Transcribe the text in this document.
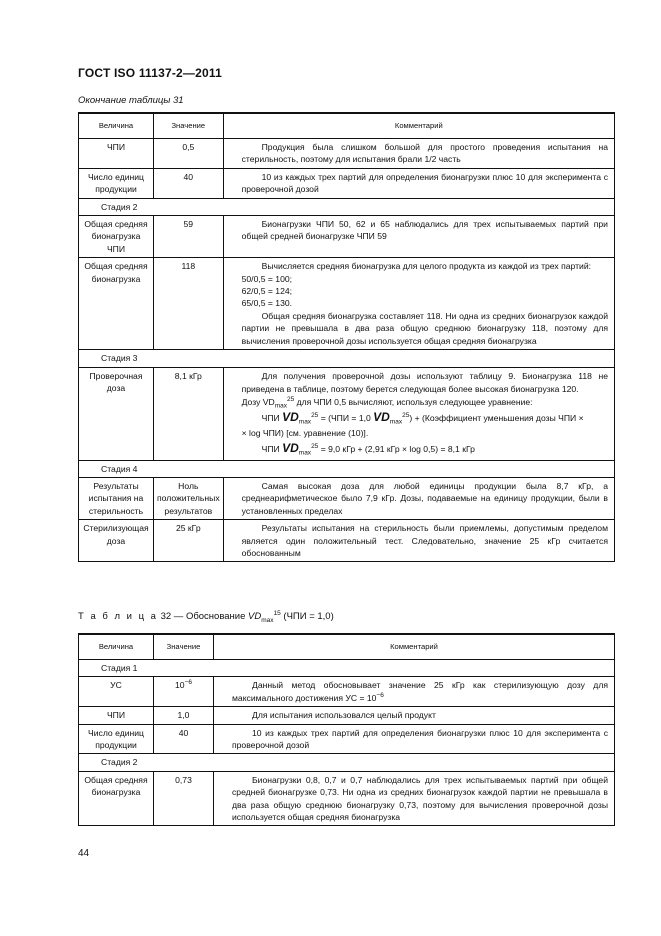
ГОСТ ISO 11137-2—2011
Окончание таблицы 31
Величина	Значение	Комментарий
ЧПИ	0,5	Продукция была слишком большой для простого проведения испытания на стерильность, поэтому для испытания брали 1/2 часть

Число единиц продукции	40	10 из каждых трех партий для определения бионагрузки плюс 10 для эксперимента с проверочной дозой

Стадия 2		
Общая средняя бионагрузка ЧПИ	59	Бионагрузки ЧПИ 50, 62 и 65 наблюдались для трех испытываемых партий при общей средней бионагрузке ЧПИ 59

Общая средняя бионагрузка	118	Вычисляется средняя бионагрузка для целого продукта из каждой из трех партий:
50/0,5 = 100;
62/0,5 = 124;
65/0,5 = 130.
Общая средняя бионагрузка составляет 118. Ни одна из средних бионагрузок каждой партии не превышала в два раза общую среднюю бионагрузку 118, поэтому для вычисления проверочной дозы используется общая средняя бионагрузка

Стадия 3		
Проверочная доза	8,1 кГр	Для получения проверочной дозы используют таблицу 9. Бионагрузка 118 не приведена в таблице, поэтому берется следующая более высокая бионагрузка 120.
Дозу $VD_{max}^{25}$ для ЧПИ 0,5 вычисляют, используя следующее уравнение:
ЧПИ $VD_{max}^{25} = (ЧПИ = 1,0$ $VD_{max}^{25}$) + (Коэффициент уменьшения дозы ЧПИ ×
× log ЧПИ) [см. уравнение (10)].
ЧПИ $VD_{max}^{25} = 9,0$ кГр + (2,91 кГр × log 0,5) = 8,1 кГр

Стадия 4		
Результаты испытания на стерильность	Ноль положительных результатов	Самая высокая доза для любой единицы продукции была 8,7 кГр, а среднеарифметическое было 7,9 кГр. Дозы, подаваемые на единицу продукции, были в установленных пределах

Стерилизующая доза	25 кГр	Результаты испытания на стерильность были приемлемы, допустимым пределом является один положительный тест. Следовательно, значение 25 кГр считается обоснованным
Т а б л и ц а 32 — Обоснование $VD_{max}^{15}$ (ЧПИ = 1,0)
Величина	Значение	Комментарий
Стадия 1		
УС	$10^{-6}$	Данный метод обосновывает значение 25 кГр как стерилизующую дозу для максимального достижения УС = $10^{-6}$

ЧПИ	1,0	Для испытания использовался целый продукт

Число единиц продукции	40	10 из каждых трех партий для определения бионагрузки плюс 10 для эксперимента с проверочной дозой

Стадия 2		
Общая средняя бионагрузка	0,73	Бионагрузки 0,8, 0,7 и 0,7 наблюдались для трех испытываемых партий при общей средней бионагрузке 0,73. Ни одна из средних бионагрузок каждой партии не превышала в два раза общую среднюю бионагрузку 0,73, поэтому для вычисления проверочной дозы используется общая средняя бионагрузка
44
